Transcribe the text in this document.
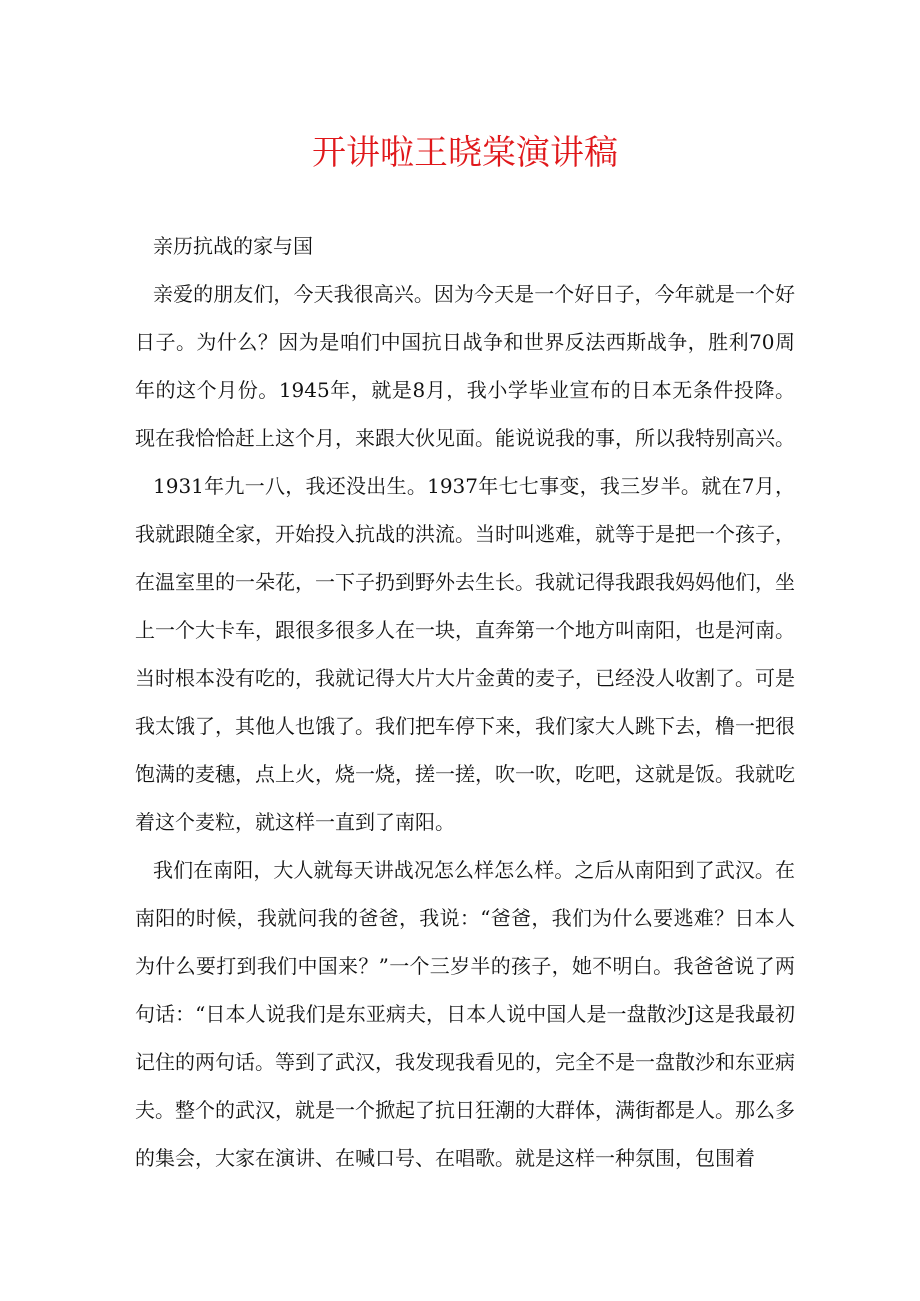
开讲啦王晓棠演讲稿

亲历抗战的家与国

亲爱的朋友们，今天我很高兴。因为今天是一个好日子，今年就是一个好日子。为什么？因为是咱们中国抗日战争和世界反法西斯战争，胜利70周年的这个月份。1945年，就是8月，我小学毕业宣布的日本无条件投降。现在我恰恰赶上这个月，来跟大伙见面。能说说我的事，所以我特别高兴。

1931年九一八，我还没出生。1937年七七事变，我三岁半。就在7月，我就跟随全家，开始投入抗战的洪流。当时叫逃难，就等于是把一个孩子，在温室里的一朵花，一下子扔到野外去生长。我就记得我跟我妈妈他们，坐上一个大卡车，跟很多很多人在一块，直奔第一个地方叫南阳，也是河南。当时根本没有吃的，我就记得大片大片金黄的麦子，已经没人收割了。可是我太饿了，其他人也饿了。我们把车停下来，我们家大人跳下去，橹一把很饱满的麦穗，点上火，烧一烧，搓一搓，吹一吹，吃吧，这就是饭。我就吃着这个麦粒，就这样一直到了南阳。

我们在南阳，大人就每天讲战况怎么样怎么样。之后从南阳到了武汉。在南阳的时候，我就问我的爸爸，我说：“爸爸，我们为什么要逃难？日本人为什么要打到我们中国来？”一个三岁半的孩子，她不明白。我爸爸说了两句话：“日本人说我们是东亚病夫，日本人说中国人是一盘散沙J这是我最初记住的两句话。等到了武汉，我发现我看见的，完全不是一盘散沙和东亚病夫。整个的武汉，就是一个掀起了抗日狂潮的大群体，满街都是人。那么多的集会，大家在演讲、在喊口号、在唱歌。就是这样一种氛围，包围着
